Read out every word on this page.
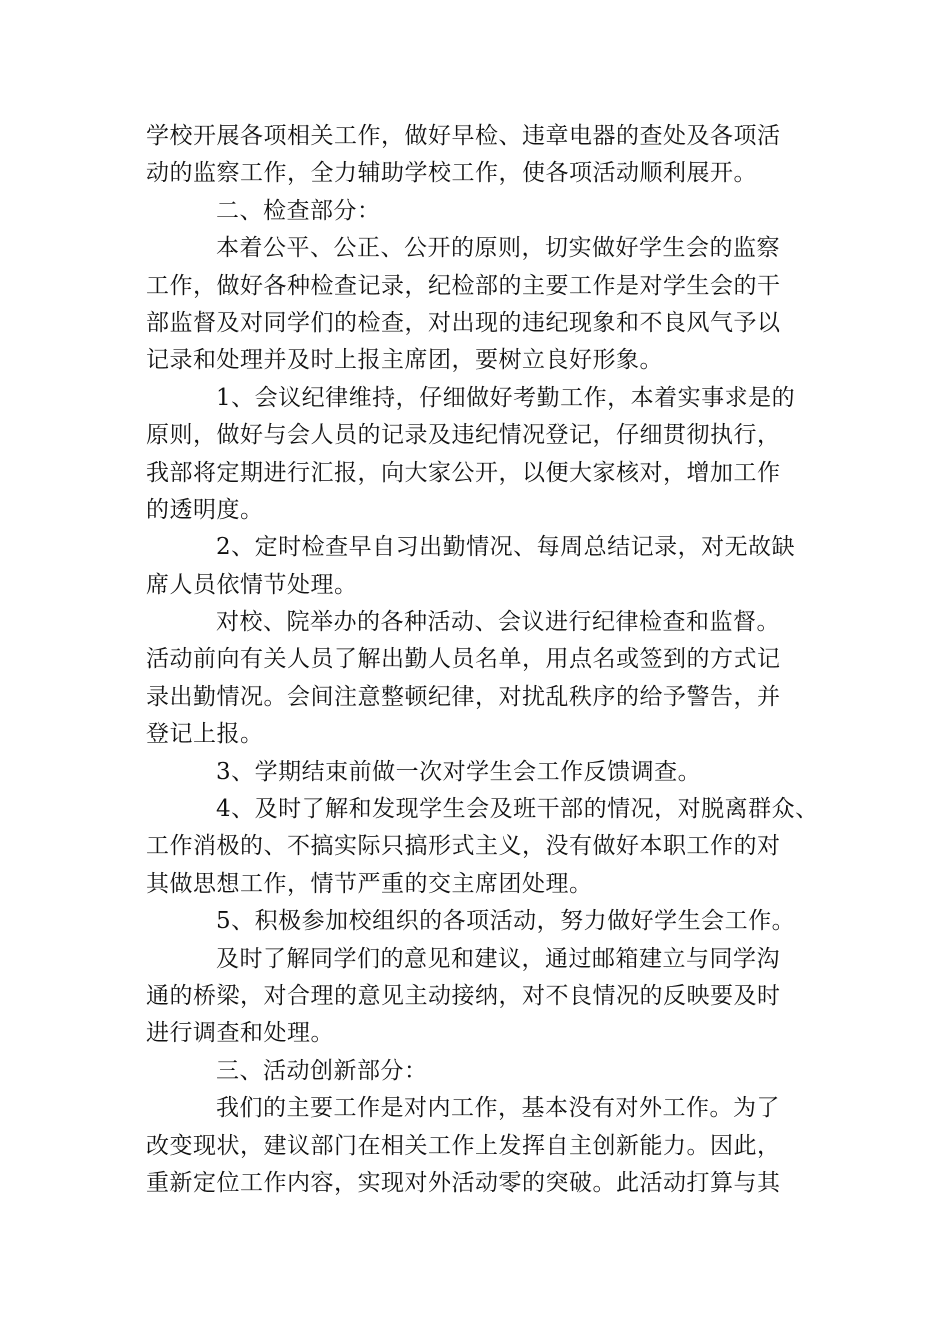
学校开展各项相关工作，做好早检、违章电器的查处及各项活
动的监察工作，全力辅助学校工作，使各项活动顺利展开。
二、检查部分：
本着公平、公正、公开的原则，切实做好学生会的监察
工作，做好各种检查记录，纪检部的主要工作是对学生会的干
部监督及对同学们的检查，对出现的违纪现象和不良风气予以
记录和处理并及时上报主席团，要树立良好形象。
1、会议纪律维持，仔细做好考勤工作，本着实事求是的
原则，做好与会人员的记录及违纪情况登记，仔细贯彻执行，
我部将定期进行汇报，向大家公开，以便大家核对，增加工作
的透明度。
2、定时检查早自习出勤情况、每周总结记录，对无故缺
席人员依情节处理。
对校、院举办的各种活动、会议进行纪律检查和监督。
活动前向有关人员了解出勤人员名单，用点名或签到的方式记
录出勤情况。会间注意整顿纪律，对扰乱秩序的给予警告，并
登记上报。
3、学期结束前做一次对学生会工作反馈调查。
4、及时了解和发现学生会及班干部的情况，对脱离群众、
工作消极的、不搞实际只搞形式主义，没有做好本职工作的对
其做思想工作，情节严重的交主席团处理。
5、积极参加校组织的各项活动，努力做好学生会工作。
及时了解同学们的意见和建议，通过邮箱建立与同学沟
通的桥梁，对合理的意见主动接纳，对不良情况的反映要及时
进行调查和处理。
三、活动创新部分：
我们的主要工作是对内工作，基本没有对外工作。为了
改变现状，建议部门在相关工作上发挥自主创新能力。因此，
重新定位工作内容，实现对外活动零的突破。此活动打算与其
